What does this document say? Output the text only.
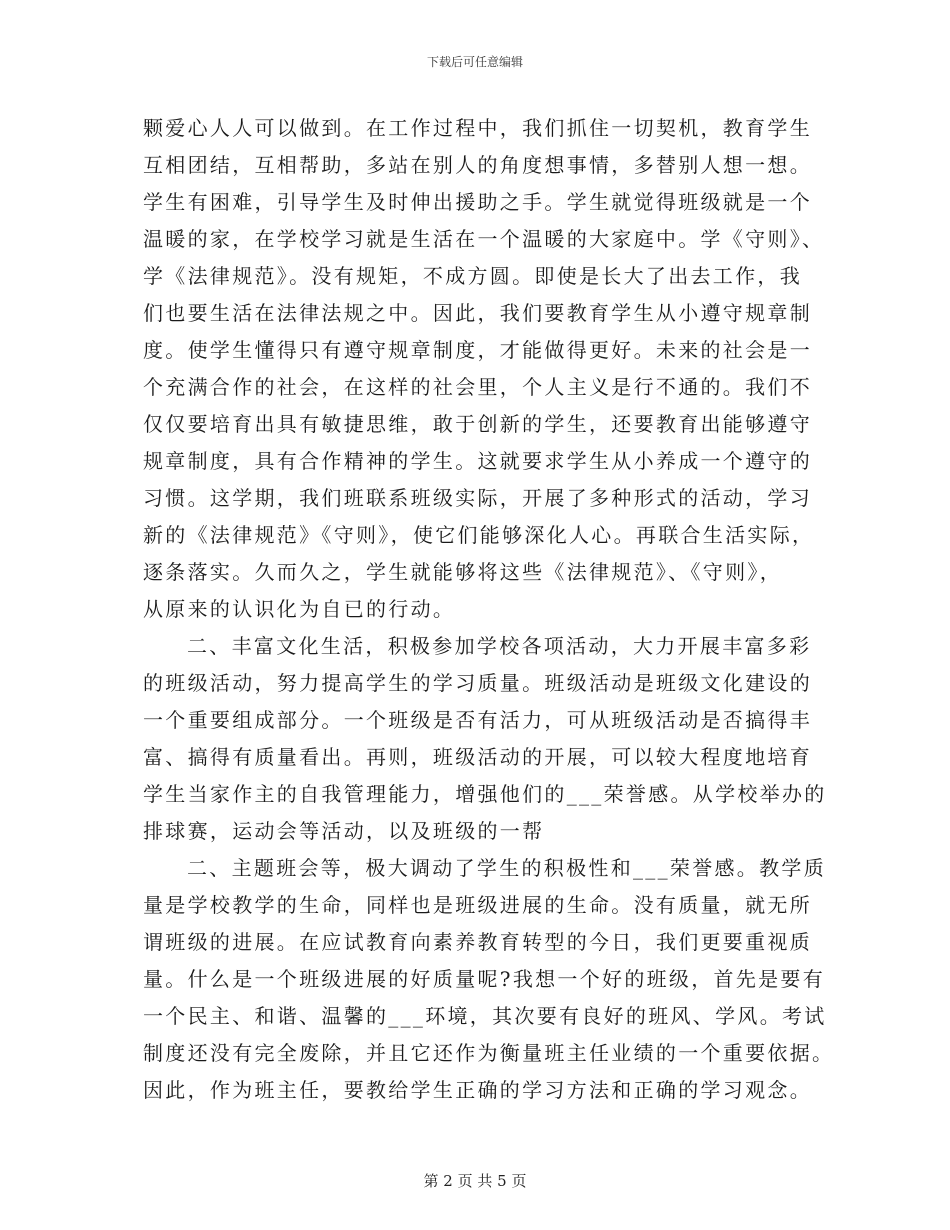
下载后可任意编辑
颗爱心人人可以做到。在工作过程中，我们抓住一切契机，教育学生
互相团结，互相帮助，多站在别人的角度想事情，多替别人想一想。
学生有困难，引导学生及时伸出援助之手。学生就觉得班级就是一个
温暖的家，在学校学习就是生活在一个温暖的大家庭中。学《守则》、
学《法律规范》。没有规矩，不成方圆。即使是长大了出去工作，我
们也要生活在法律法规之中。因此，我们要教育学生从小遵守规章制
度。使学生懂得只有遵守规章制度，才能做得更好。未来的社会是一
个充满合作的社会，在这样的社会里，个人主义是行不通的。我们不
仅仅要培育出具有敏捷思维，敢于创新的学生，还要教育出能够遵守
规章制度，具有合作精神的学生。这就要求学生从小养成一个遵守的
习惯。这学期，我们班联系班级实际，开展了多种形式的活动，学习
新的《法律规范》《守则》，使它们能够深化人心。再联合生活实际，
逐条落实。久而久之，学生就能够将这些《法律规范》、《守则》，
从原来的认识化为自已的行动。
二、丰富文化生活，积极参加学校各项活动，大力开展丰富多彩
的班级活动，努力提高学生的学习质量。班级活动是班级文化建设的
一个重要组成部分。一个班级是否有活力，可从班级活动是否搞得丰
富、搞得有质量看出。再则，班级活动的开展，可以较大程度地培育
学生当家作主的自我管理能力，增强他们的___荣誉感。从学校举办的
排球赛，运动会等活动，以及班级的一帮
二、主题班会等，极大调动了学生的积极性和___荣誉感。教学质
量是学校教学的生命，同样也是班级进展的生命。没有质量，就无所
谓班级的进展。在应试教育向素养教育转型的今日，我们更要重视质
量。什么是一个班级进展的好质量呢?我想一个好的班级，首先是要有
一个民主、和谐、温馨的___环境，其次要有良好的班风、学风。考试
制度还没有完全废除，并且它还作为衡量班主任业绩的一个重要依据。
因此，作为班主任，要教给学生正确的学习方法和正确的学习观念。
第 2 页 共 5 页
